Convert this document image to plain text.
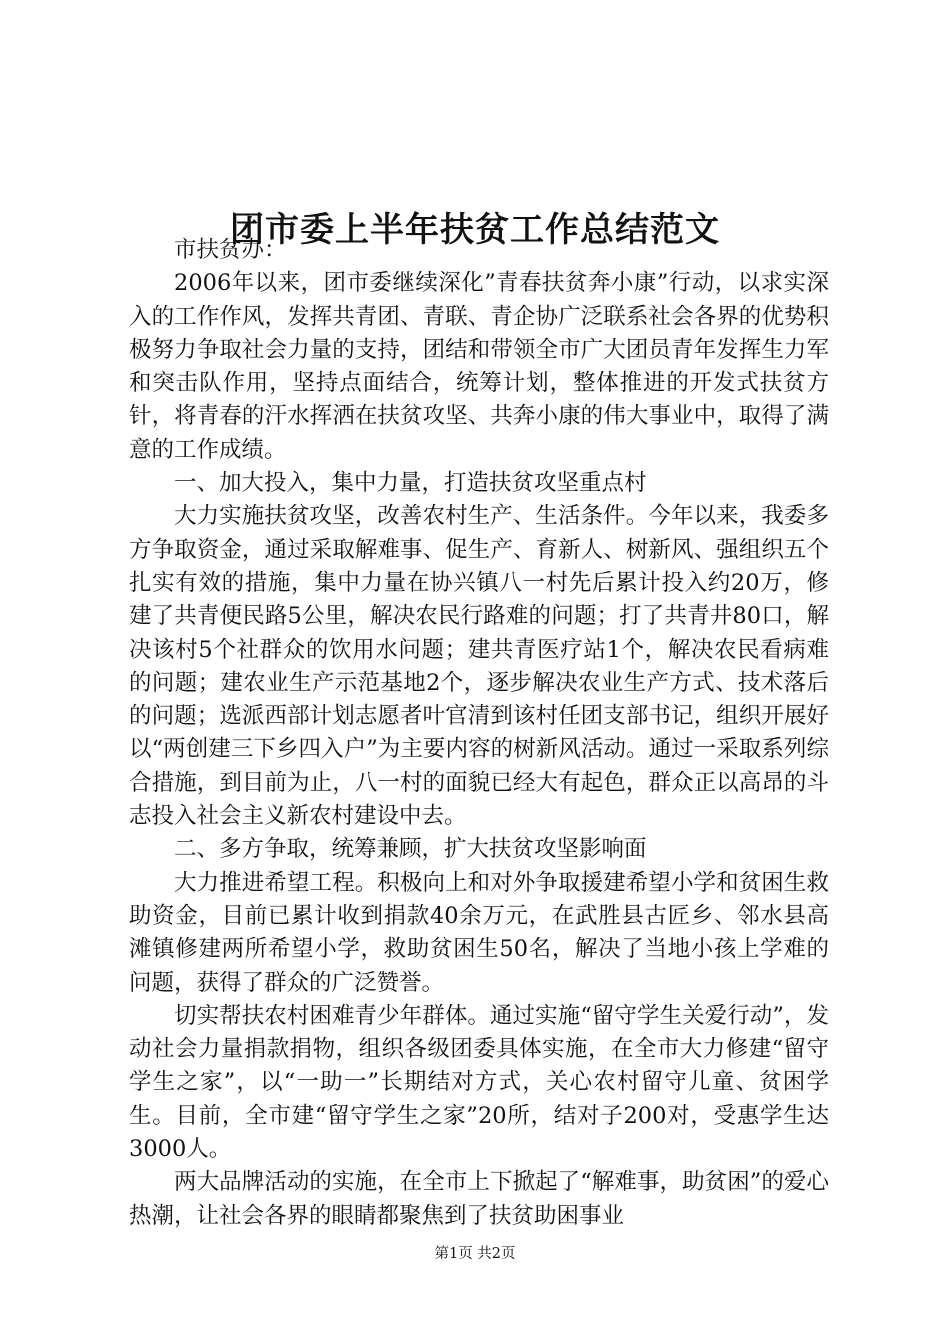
团市委上半年扶贫工作总结范文

市扶贫办：

2006年以来，团市委继续深化”青春扶贫奔小康”行动，以求实深入的工作作风，发挥共青团、青联、青企协广泛联系社会各界的优势积极努力争取社会力量的支持，团结和带领全市广大团员青年发挥生力军和突击队作用，坚持点面结合，统筹计划，整体推进的开发式扶贫方针，将青春的汗水挥洒在扶贫攻坚、共奔小康的伟大事业中，取得了满意的工作成绩。

一、加大投入，集中力量，打造扶贫攻坚重点村

大力实施扶贫攻坚，改善农村生产、生活条件。今年以来，我委多方争取资金，通过采取解难事、促生产、育新人、树新风、强组织五个扎实有效的措施，集中力量在协兴镇八一村先后累计投入约20万，修建了共青便民路5公里，解决农民行路难的问题；打了共青井80口，解决该村5个社群众的饮用水问题；建共青医疗站1个，解决农民看病难的问题；建农业生产示范基地2个，逐步解决农业生产方式、技术落后的问题；选派西部计划志愿者叶官清到该村任团支部书记，组织开展好以“两创建三下乡四入户”为主要内容的树新风活动。通过一采取系列综合措施，到目前为止，八一村的面貌已经大有起色，群众正以高昂的斗志投入社会主义新农村建设中去。

二、多方争取，统筹兼顾，扩大扶贫攻坚影响面

大力推进希望工程。积极向上和对外争取援建希望小学和贫困生救助资金，目前已累计收到捐款40余万元，在武胜县古匠乡、邻水县高滩镇修建两所希望小学，救助贫困生50名，解决了当地小孩上学难的问题，获得了群众的广泛赞誉。

切实帮扶农村困难青少年群体。通过实施“留守学生关爱行动”，发动社会力量捐款捐物，组织各级团委具体实施，在全市大力修建“留守学生之家”，以“一助一”长期结对方式，关心农村留守儿童、贫困学生。目前，全市建“留守学生之家”20所，结对子200对，受惠学生达3000人。

两大品牌活动的实施，在全市上下掀起了“解难事，助贫困”的爱心热潮，让社会各界的眼睛都聚焦到了扶贫助困事业

第1页 共2页
